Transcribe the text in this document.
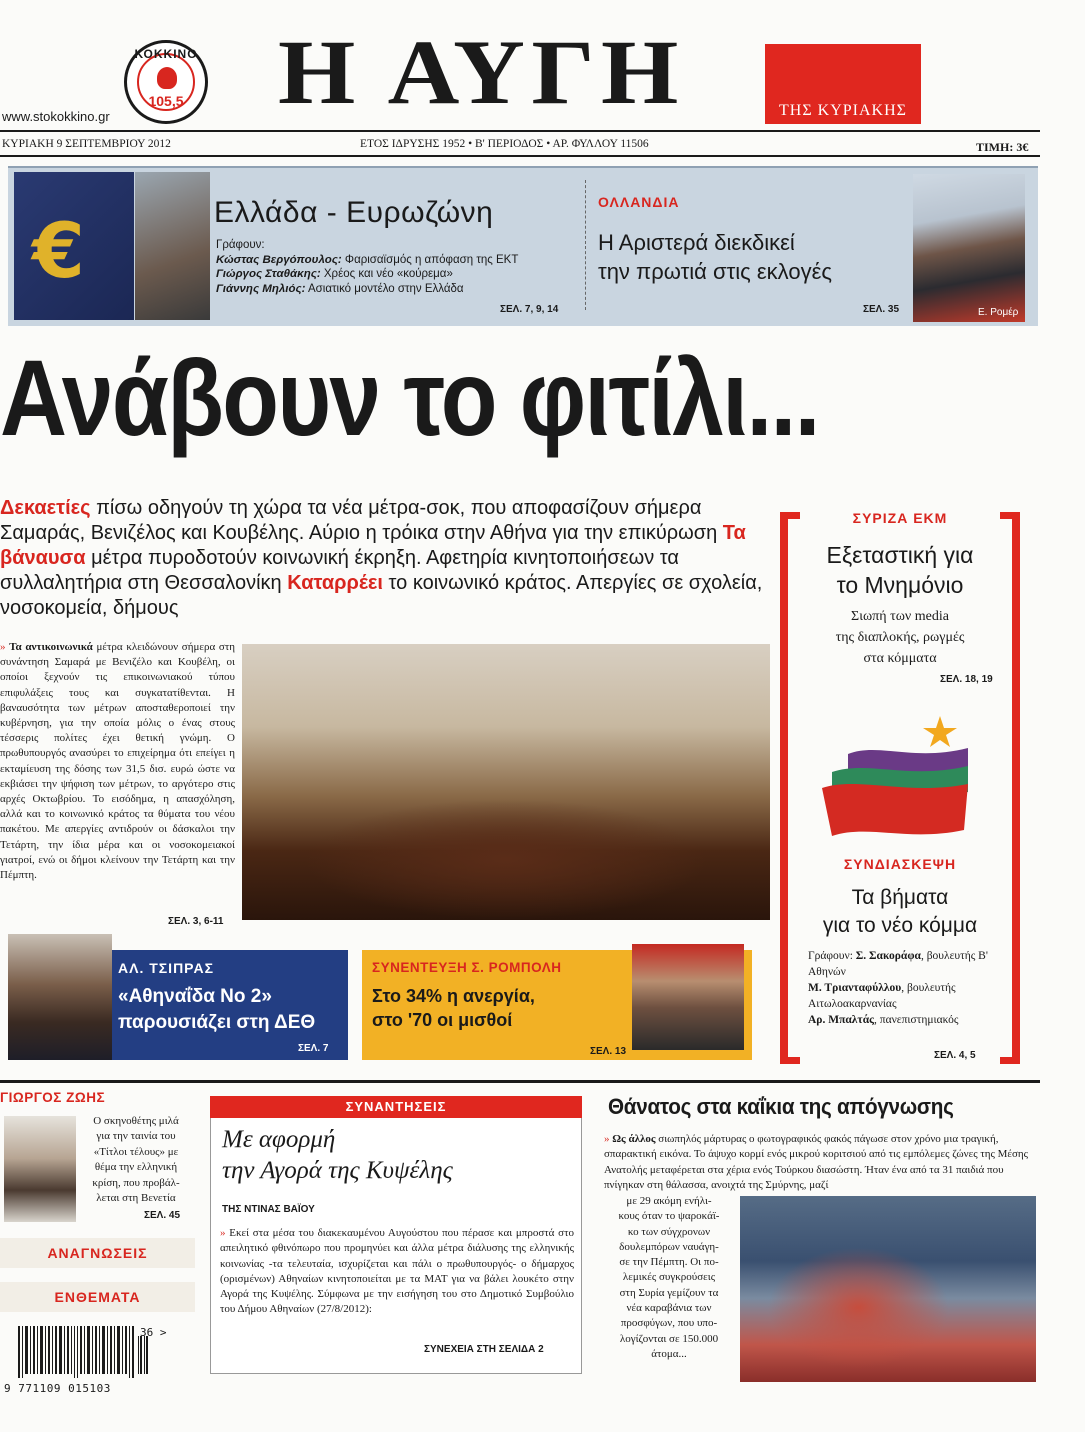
ΚΟΚΚΙΝΟ
105,5
www.stokokkino.gr Η ΑΥΓΗ	ΤΗΣ ΚΥΡΙΑΚΗΣ
ΚΥΡΙΑΚΗ 9 ΣΕΠΤΕΜΒΡΙΟΥ 2012	ΕΤΟΣ ΙΔΡΥΣΗΣ 1952 • Β' ΠΕΡΙΟΔΟΣ • ΑΡ. ΦΥΛΛΟΥ 11506	ΤΙΜΗ: 3€
€	Ελλάδα - Ευρωζώνη
Γράφουν:
Κώστας Βεργόπουλος: Φαρισαϊσμός η απόφαση της ΕΚΤ
Γιώργος Σταθάκης: Χρέος και νέο «κούρεμα»
Γιάννης Μηλιός: Ασιατικό μοντέλο στην Ελλάδα
ΣΕΛ. 7, 9, 14
ΟΛΛΑΝΔΙΑ
Η Αριστερά διεκδικεί
την πρωτιά στις εκλογές
ΣΕΛ. 35	Ε. Ρομέρ
Ανάβουν το φιτίλι...
Δεκαετίες πίσω οδηγούν τη χώρα τα νέα μέτρα-σοκ, που αποφασίζουν σήμερα Σαμαράς, Βενιζέλος και Κουβέλης. Αύριο η τρόικα στην Αθήνα για την επικύρωση Τα βάναυσα μέτρα πυροδοτούν κοινωνική έκρηξη. Αφετηρία κινητοποιήσεων τα συλλαλητήρια στη Θεσσαλονίκη Καταρρέει το κοινωνικό κράτος. Απεργίες σε σχολεία, νοσοκομεία, δήμους
» Τα αντικοινωνικά μέτρα κλειδώνουν σήμερα στη συνάντηση Σαμαρά με Βενιζέλο και Κουβέλη, οι οποίοι ξεχνούν τις επικοινωνιακού τύπου επιφυλάξεις τους και συγκατατίθενται. Η βαναυσότητα των μέτρων αποσταθεροποιεί την κυβέρνηση, για την οποία μόλις ο ένας στους τέσσερις πολίτες έχει θετική γνώμη. Ο πρωθυπουργός ανασύρει το επιχείρημα ότι επείγει η εκταμίευση της δόσης των 31,5 δισ. ευρώ ώστε να εκβιάσει την ψήφιση των μέτρων, το αργότερο στις αρχές Οκτωβρίου. Το εισόδημα, η απασχόληση, αλλά και το κοινωνικό κράτος τα θύματα του νέου πακέτου. Με απεργίες αντιδρούν οι δάσκαλοι την Τετάρτη, την ίδια μέρα και οι νοσοκομειακοί γιατροί, ενώ οι δήμοι κλείνουν την Τετάρτη και την Πέμπτη.
ΣΕΛ. 3, 6-11
ΣΥΡΙΖΑ ΕΚΜ
Εξεταστική για
το Μνημόνιο
Σιωπή των media
της διαπλοκής, ρωγμές
στα κόμματα
ΣΕΛ. 18, 19
ΣΥΝΔΙΑΣΚΕΨΗ
Τα βήματα
για το νέο κόμμα
Γράφουν: Σ. Σακοράφα, βουλευτής Β' Αθηνών
Μ. Τριανταφύλλου, βουλευτής Αιτωλοακαρνανίας
Αρ. Μπαλτάς, πανεπιστημιακός
ΣΕΛ. 4, 5
ΑΛ. ΤΣΙΠΡΑΣ
«Αθηναΐδα Νο 2»
παρουσιάζει στη ΔΕΘ
ΣΕΛ. 7
ΣΥΝΕΝΤΕΥΞΗ Σ. ΡΟΜΠΟΛΗ
Στο 34% η ανεργία,
στο '70 οι μισθοί
ΣΕΛ. 13
ΓΙΩΡΓΟΣ ΖΩΗΣ
Ο σκηνοθέτης μιλά
για την ταινία του
«Τίτλοι τέλους» με
θέμα την ελληνική
κρίση, που προβάλ-
λεται στη Βενετία
ΣΕΛ. 45
ΑΝΑΓΝΩΣΕΙΣ
ΕΝΘΕΜΑΤΑ
9 771109 015103
36 >
ΣΥΝΑΝΤΗΣΕΙΣ
Με αφορμή
την Αγορά της Κυψέλης
ΤΗΣ ΝΤΙΝΑΣ ΒΑΪΟΥ
» Εκεί στα μέσα του διακεκαυμένου Αυγούστου που πέρασε και μπροστά στο απειλητικό φθινόπωρο που προμηνύει και άλλα μέτρα διάλυσης της ελληνικής κοινωνίας -τα τελευταία, ισχυρίζεται και πάλι ο πρωθυπουργός- ο δήμαρχος (ορισμένων) Αθηναίων κινητοποιείται με τα ΜΑΤ για να βάλει λουκέτο στην Αγορά της Κυψέλης. Σύμφωνα με την εισήγηση του στο Δημοτικό Συμβούλιο του Δήμου Αθηναίων (27/8/2012):
ΣΥΝΕΧΕΙΑ ΣΤΗ ΣΕΛΙΔΑ 2
Θάνατος στα καΐκια της απόγνωσης
» Ως άλλος σιωπηλός μάρτυρας ο φωτογραφικός φακός πάγωσε στον χρόνο μια τραγική, σπαρακτική εικόνα. Το άψυχο κορμί ενός μικρού κοριτσιού από τις εμπόλεμες ζώνες της Μέσης Ανατολής μεταφέρεται στα χέρια ενός Τούρκου διασώστη. Ήταν ένα από τα 31 παιδιά που πνίγηκαν στη θάλασσα, ανοιχτά της Σμύρνης, μαζί
με 29 ακόμη ενήλι-
κους όταν το ψαροκάϊ-
κο των σύγχρονων
δουλεμπόρων ναυάγη-
σε την Πέμπτη. Οι πο-
λεμικές συγκρούσεις
στη Συρία γεμίζουν τα
νέα καραβάνια των
προσφύγων, που υπο-
λογίζονται σε 150.000
άτομα...
